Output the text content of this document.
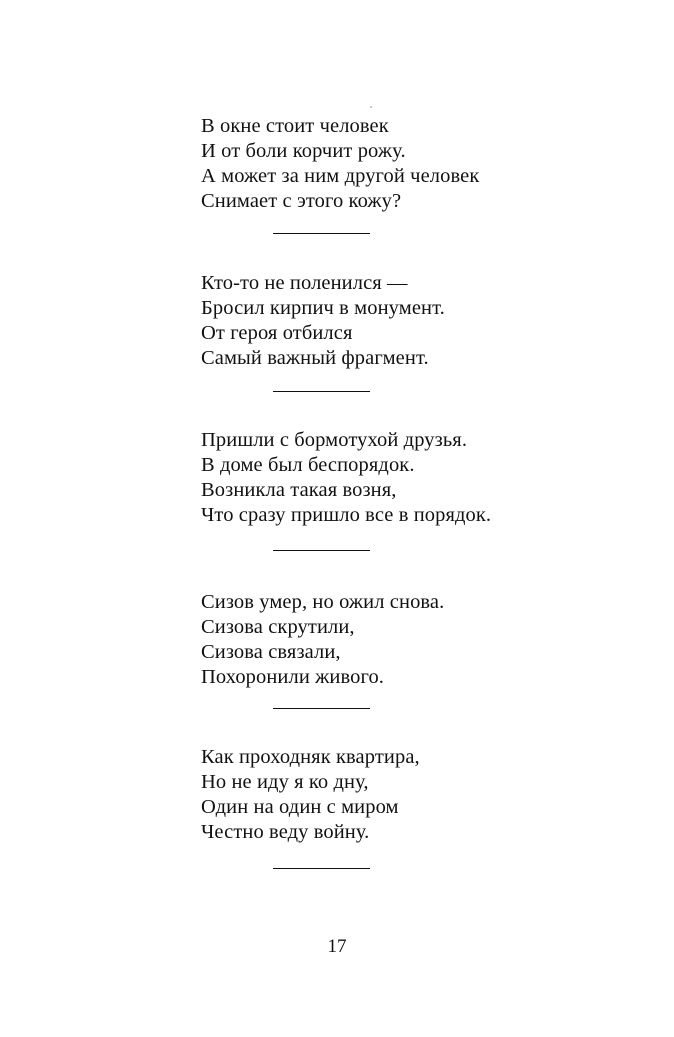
В окне стоит человек
И от боли корчит рожу.
А может за ним другой человек
Снимает с этого кожу?
Кто-то не поленился —
Бросил кирпич в монумент.
От героя отбился
Самый важный фрагмент.
Пришли с бормотухой друзья.
В доме был беспорядок.
Возникла такая возня,
Что сразу пришло все в порядок.
Сизов умер, но ожил снова.
Сизова скрутили,
Сизова связали,
Похоронили живого.
Как проходняк квартира,
Но не иду я ко дну,
Один на один с миром
Честно веду войну.
17
